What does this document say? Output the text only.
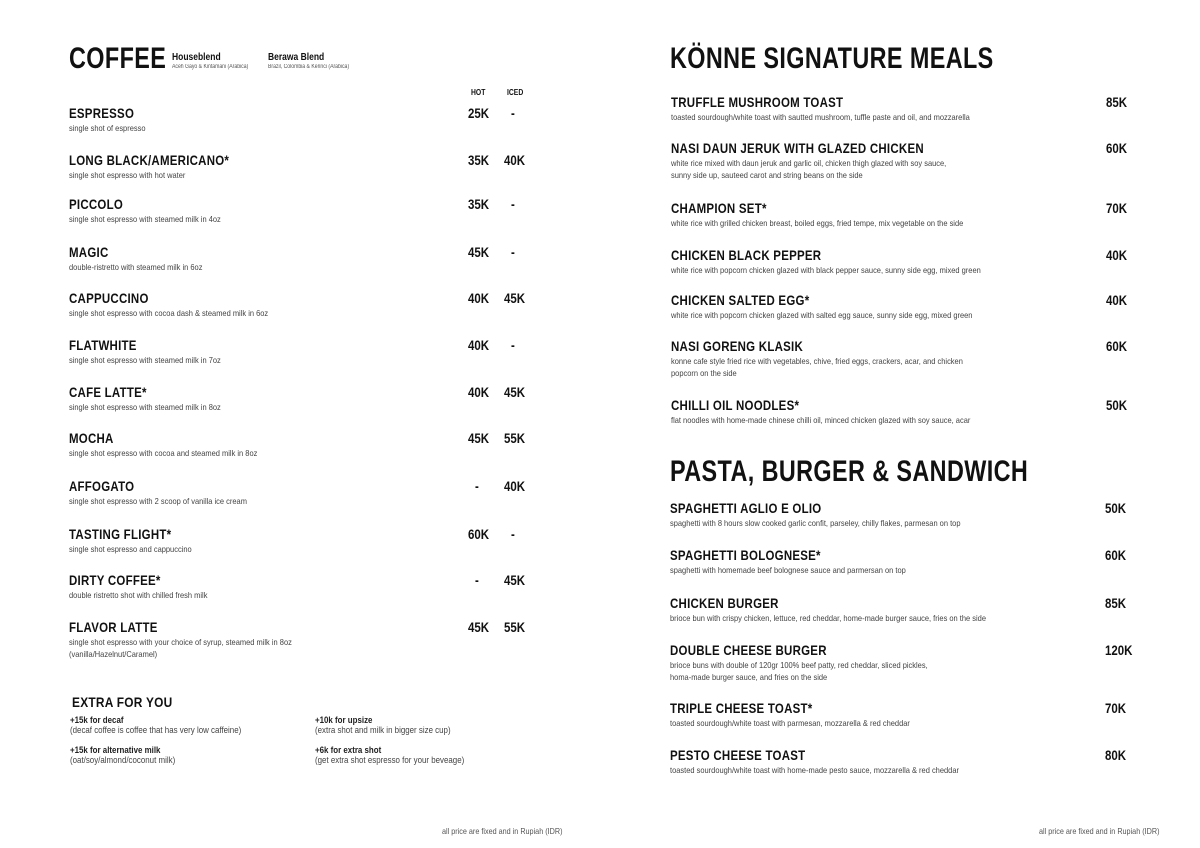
COFFEE Houseblend
Aceh Gayo & Kintamani (Arabica)
Berawa Blend
Brazil, Colombia & Kerinci (Arabica)
HOT	ICED
ESPRESSO
single shot of espresso
25K -
LONG BLACK/AMERICANO*
single shot espresso with hot water
35K 40K
PICCOLO
single shot espresso with steamed milk in 4oz
35K -
MAGIC
double-ristretto with steamed milk in 6oz
45K -
CAPPUCCINO
single shot espresso with cocoa dash & steamed milk in 6oz
40K 45K
FLATWHITE
single shot espresso with steamed milk in 7oz
40K -
CAFE LATTE*
single shot espresso with steamed milk in 8oz
40K 45K
MOCHA
single shot espresso with cocoa and steamed milk in 8oz
45K 55K
AFFOGATO
single shot espresso with 2 scoop of vanilla ice cream
- 40K
TASTING FLIGHT*
single shot espresso and cappuccino
60K -
DIRTY COFFEE*
double ristretto shot with chilled fresh milk
- 45K
FLAVOR LATTE
single shot espresso with your choice of syrup, steamed milk in 8oz
(vanilla/Hazelnut/Caramel)
45K 55K
EXTRA FOR YOU
+15k for decaf
(decaf coffee is coffee that has very low caffeine)
+15k for alternative milk
(oat/soy/almond/coconut milk)
+10k for upsize
(extra shot and milk in bigger size cup)
+6k for extra shot
(get extra shot espresso for your beveage)
KÖNNE SIGNATURE MEALS
TRUFFLE MUSHROOM TOAST
toasted sourdough/white toast with sautted mushroom, tuffle paste and oil, and mozzarella
85K
NASI DAUN JERUK WITH GLAZED CHICKEN
white rice mixed with daun jeruk and garlic oil, chicken thigh glazed with soy sauce,
sunny side up, sauteed carot and string beans on the side
60K
CHAMPION SET*
white rice with grilled chicken breast, boiled eggs, fried tempe, mix vegetable on the side
70K
CHICKEN BLACK PEPPER
white rice with popcorn chicken glazed with black pepper sauce, sunny side egg, mixed green
40K
CHICKEN SALTED EGG*
white rice with popcorn chicken glazed with salted egg sauce, sunny side egg, mixed green
40K
NASI GORENG KLASIK
konne cafe style fried rice with vegetables, chive, fried eggs, crackers, acar, and chicken
popcorn on the side
60K
CHILLI OIL NOODLES*
flat noodles with home-made chinese chilli oil, minced chicken glazed with soy sauce, acar
50K
PASTA, BURGER & SANDWICH
SPAGHETTI AGLIO E OLIO
spaghetti with 8 hours slow cooked garlic confit, parseley, chilly flakes, parmesan on top
50K
SPAGHETTI BOLOGNESE*
spaghetti with homemade beef bolognese sauce and parmersan on top
60K
CHICKEN BURGER
brioce bun with crispy chicken, lettuce, red cheddar, home-made burger sauce, fries on the side
85K
DOUBLE CHEESE BURGER
brioce buns with double of 120gr 100% beef patty, red cheddar, sliced pickles,
homa-made burger sauce, and fries on the side
120K
TRIPLE CHEESE TOAST*
toasted sourdough/white toast with parmesan, mozzarella & red cheddar
70K
PESTO CHEESE TOAST
toasted sourdough/white toast with home-made pesto sauce, mozzarella & red cheddar
80K
all price are fixed and in Rupiah (IDR)	all price are fixed and in Rupiah (IDR)
